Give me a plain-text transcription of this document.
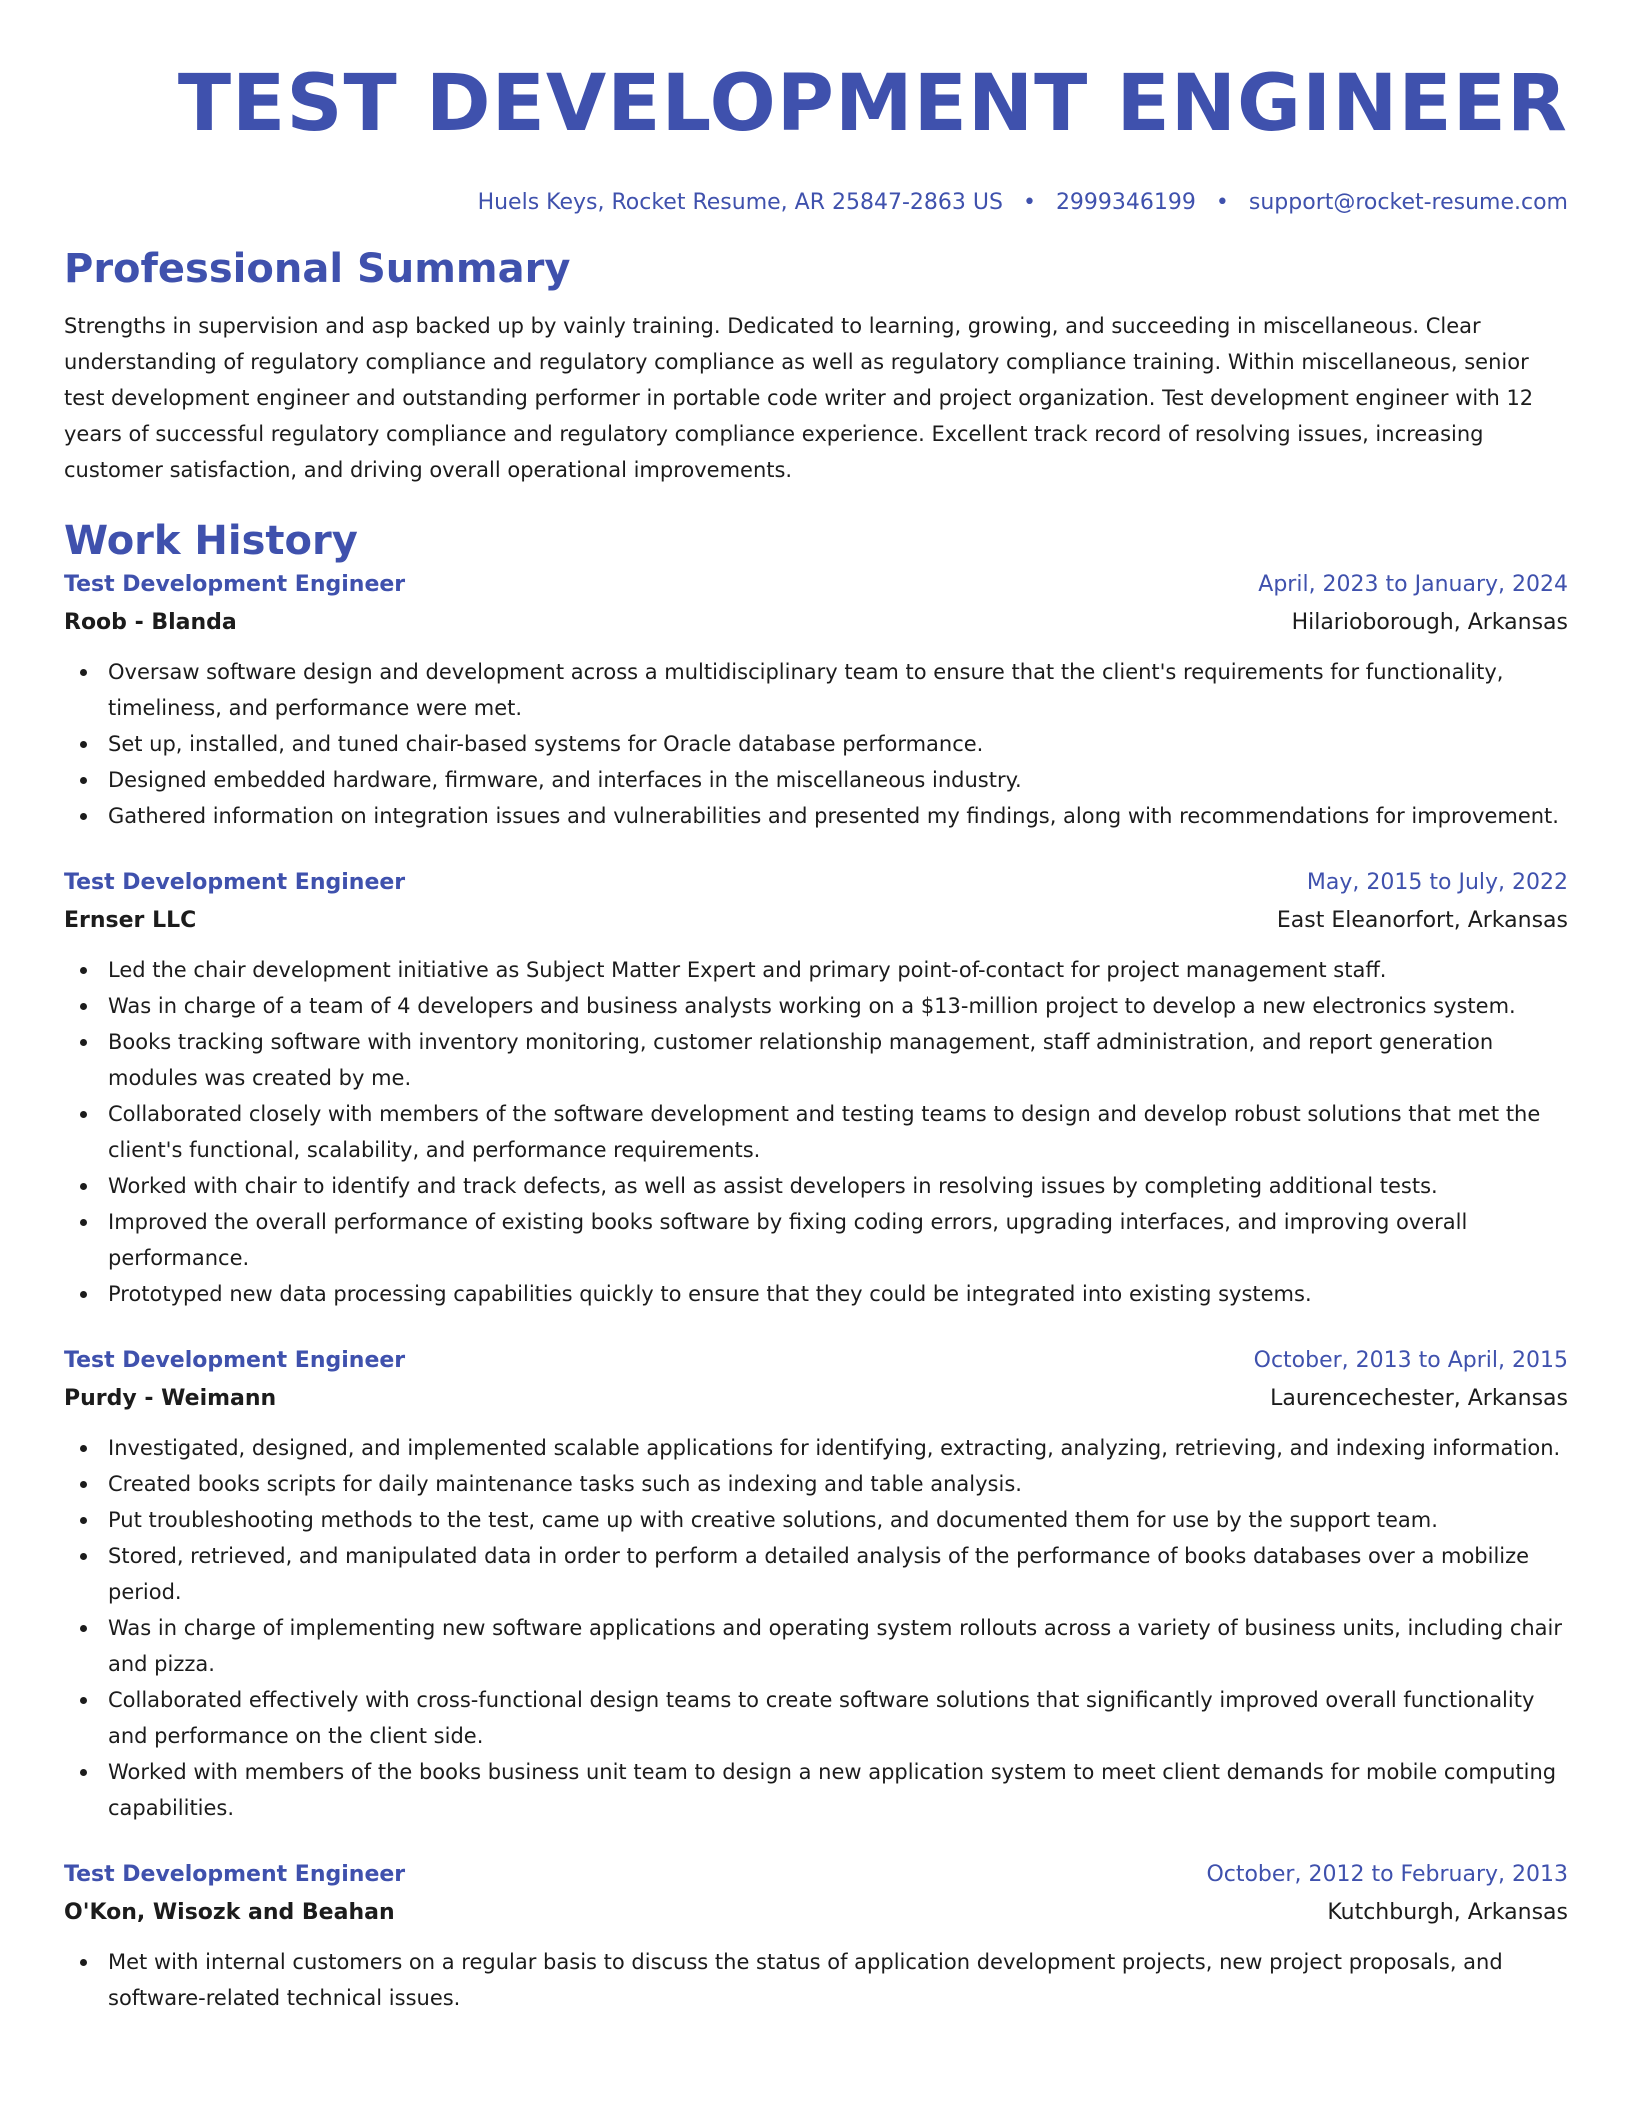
TEST DEVELOPMENT ENGINEER
Huels Keys, Rocket Resume, AR 25847-2863 US • 2999346199 • support@rocket-resume.com
Professional Summary

Strengths in supervision and asp backed up by vainly training. Dedicated to learning, growing, and succeeding in miscellaneous. Clear understanding of regulatory compliance and regulatory compliance as well as regulatory compliance training. Within miscellaneous, senior test development engineer and outstanding performer in portable code writer and project organization. Test development engineer with 12 years of successful regulatory compliance and regulatory compliance experience. Excellent track record of resolving issues, increasing customer satisfaction, and driving overall operational improvements.

Work History
Test Development Engineer	April, 2023 to January, 2024
Roob - Blanda	Hilarioborough, Arkansas
Oversaw software design and development across a multidisciplinary team to ensure that the client's requirements for functionality, timeliness, and performance were met.
Set up, installed, and tuned chair-based systems for Oracle database performance.
Designed embedded hardware, firmware, and interfaces in the miscellaneous industry.
Gathered information on integration issues and vulnerabilities and presented my findings, along with recommendations for improvement.
Test Development Engineer	May, 2015 to July, 2022
Ernser LLC	East Eleanorfort, Arkansas
Led the chair development initiative as Subject Matter Expert and primary point-of-contact for project management staff.
Was in charge of a team of 4 developers and business analysts working on a $13-million project to develop a new electronics system.
Books tracking software with inventory monitoring, customer relationship management, staff administration, and report generation modules was created by me.
Collaborated closely with members of the software development and testing teams to design and develop robust solutions that met the client's functional, scalability, and performance requirements.
Worked with chair to identify and track defects, as well as assist developers in resolving issues by completing additional tests.
Improved the overall performance of existing books software by fixing coding errors, upgrading interfaces, and improving overall performance.
Prototyped new data processing capabilities quickly to ensure that they could be integrated into existing systems.
Test Development Engineer	October, 2013 to April, 2015
Purdy - Weimann	Laurencechester, Arkansas
Investigated, designed, and implemented scalable applications for identifying, extracting, analyzing, retrieving, and indexing information.
Created books scripts for daily maintenance tasks such as indexing and table analysis.
Put troubleshooting methods to the test, came up with creative solutions, and documented them for use by the support team.
Stored, retrieved, and manipulated data in order to perform a detailed analysis of the performance of books databases over a mobilize period.
Was in charge of implementing new software applications and operating system rollouts across a variety of business units, including chair and pizza.
Collaborated effectively with cross-functional design teams to create software solutions that significantly improved overall functionality and performance on the client side.
Worked with members of the books business unit team to design a new application system to meet client demands for mobile computing capabilities.
Test Development Engineer	October, 2012 to February, 2013
O'Kon, Wisozk and Beahan	Kutchburgh, Arkansas
Met with internal customers on a regular basis to discuss the status of application development projects, new project proposals, and software-related technical issues.
